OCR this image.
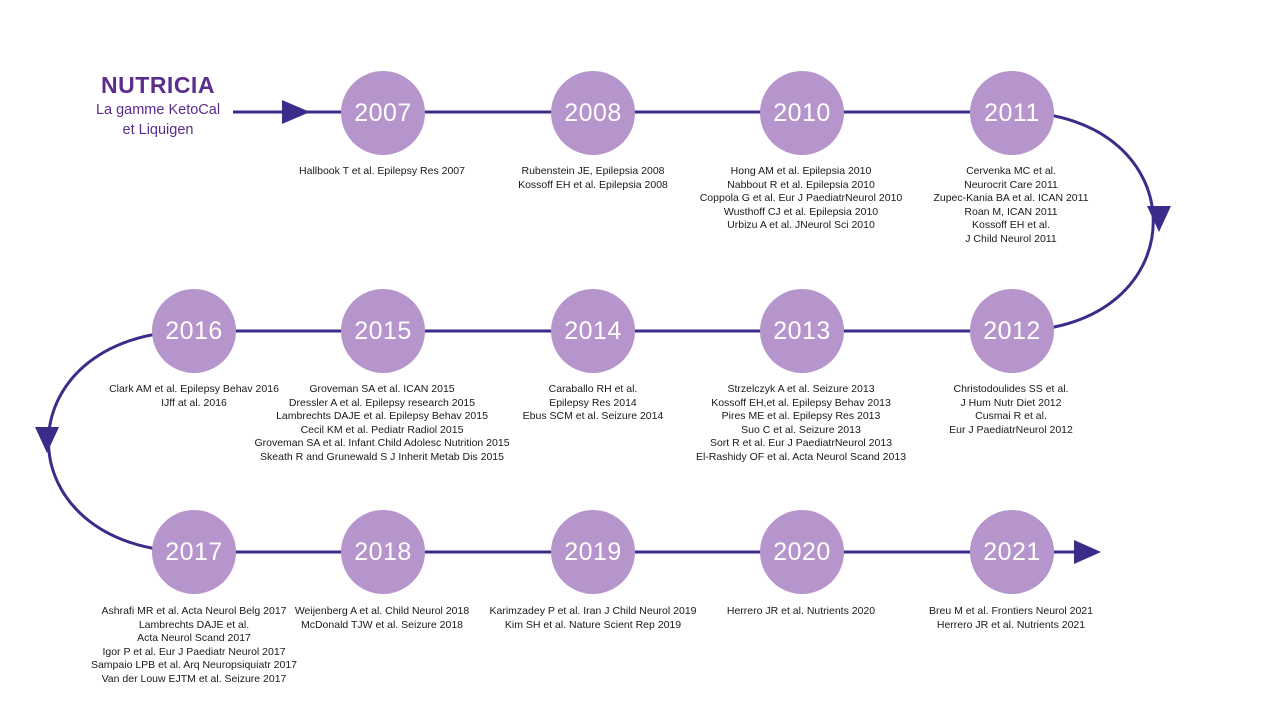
NUTRICIA
La gamme KetoCal
et Liquigen
2007
Hallbook T et al. Epilepsy Res 2007
2008
Rubenstein JE, Epilepsia 2008
Kossoff EH et al. Epilepsia 2008
2010
Hong AM et al. Epilepsia 2010
Nabbout R et al. Epilepsia 2010
Coppola G et al. Eur J PaediatrNeurol 2010
Wusthoff CJ et al. Epilepsia 2010
Urbizu A et al. JNeurol Sci 2010
2011
Cervenka MC et al.
Neurocrit Care 2011
Zupec-Kania BA et al. ICAN 2011
Roan M, ICAN 2011
Kossoff EH et al.
J Child Neurol 2011
2012
Christodoulides SS et al.
J Hum Nutr Diet 2012
Cusmai R et al.
Eur J PaediatrNeurol 2012
2013
Strzelczyk A et al. Seizure 2013
Kossoff EH,et al. Epilepsy Behav 2013
Pires ME et al. Epilepsy Res 2013
Suo C et al. Seizure 2013
Sort R et al. Eur J PaediatrNeurol 2013
El-Rashidy OF et al. Acta Neurol Scand 2013
2014
Caraballo RH et al.
Epilepsy Res 2014
Ebus SCM et al. Seizure 2014
2015
Groveman SA et al. ICAN 2015
Dressler A et al. Epilepsy research 2015
Lambrechts DAJE et al. Epilepsy Behav 2015
Cecil KM et al. Pediatr Radiol 2015
Groveman SA et al. Infant Child Adolesc Nutrition 2015
Skeath R and Grunewald S J Inherit Metab Dis 2015
2016
Clark AM et al. Epilepsy Behav 2016
IJff at al. 2016
2017
Ashrafi MR et al. Acta Neurol Belg 2017
Lambrechts DAJE et al.
Acta Neurol Scand 2017
Igor P et al. Eur J Paediatr Neurol 2017
Sampaio LPB et al. Arq Neuropsiquiatr 2017
Van der Louw EJTM et al. Seizure 2017
2018
Weijenberg A et al. Child Neurol 2018
McDonald TJW et al. Seizure 2018
2019
Karimzadey P et al. Iran J Child Neurol 2019
Kim SH et al. Nature Scient Rep 2019
2020
Herrero JR et al. Nutrients 2020
2021
Breu M et al. Frontiers Neurol 2021
Herrero JR et al. Nutrients 2021
